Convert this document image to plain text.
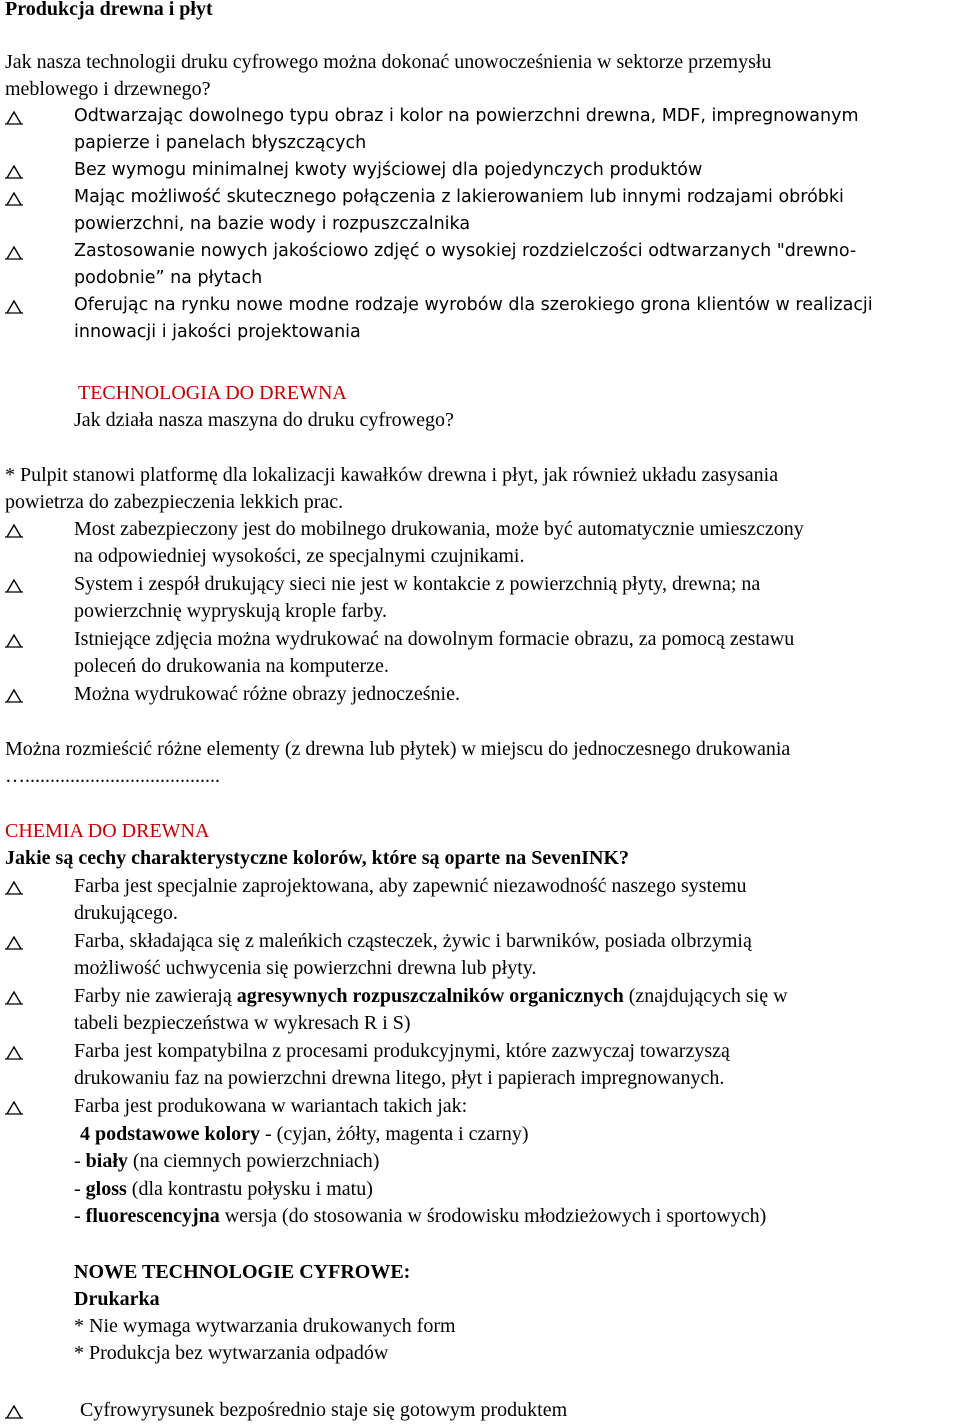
Produkcja drewna i płyt
Jak nasza technologii druku cyfrowego można dokonać unowocześnienia w sektorze przemysłu
meblowego i drzewnego?
Odtwarzając dowolnego typu obraz i kolor na powierzchni drewna, MDF, impregnowanym
papierze i panelach błyszczących
Bez wymogu minimalnej kwoty wyjściowej dla pojedynczych produktów
Mając możliwość skutecznego połączenia z lakierowaniem lub innymi rodzajami obróbki
powierzchni, na bazie wody i rozpuszczalnika
Zastosowanie nowych jakościowo zdjęć o wysokiej rozdzielczości odtwarzanych "drewno-
podobnie” na płytach
Oferując na rynku nowe modne rodzaje wyrobów dla szerokiego grona klientów w realizacji
innowacji i jakości projektowania
TECHNOLOGIA DO DREWNA
Jak działa nasza maszyna do druku cyfrowego?
* Pulpit stanowi platformę dla lokalizacji kawałków drewna i płyt, jak również układu zasysania
powietrza do zabezpieczenia lekkich prac.
Most zabezpieczony jest do mobilnego drukowania, może być automatycznie umieszczony
na odpowiedniej wysokości, ze specjalnymi czujnikami.
System i zespół drukujący sieci nie jest w kontakcie z powierzchnią płyty, drewna; na
powierzchnię wypryskują krople farby.
Istniejące zdjęcia można wydrukować na dowolnym formacie obrazu, za pomocą zestawu
poleceń do drukowania na komputerze.
Można wydrukować różne obrazy jednocześnie.
Można rozmieścić różne elementy (z drewna lub płytek) w miejscu do jednoczesnego drukowania
….......................................
CHEMIA DO DREWNA
Jakie są cechy charakterystyczne kolorów, które są oparte na SevenINK?
Farba jest specjalnie zaprojektowana, aby zapewnić niezawodność naszego systemu
drukującego.
Farba, składająca się z maleńkich cząsteczek, żywic i barwników, posiada olbrzymią
możliwość uchwycenia się powierzchni drewna lub płyty.
Farby nie zawierają agresywnych rozpuszczalników organicznych (znajdujących się w
tabeli bezpieczeństwa w wykresach R i S)
Farba jest kompatybilna z procesami produkcyjnymi, które zazwyczaj towarzyszą
drukowaniu faz na powierzchni drewna litego, płyt i papierach impregnowanych.
Farba jest produkowana w wariantach takich jak:
4 podstawowe kolory - (cyjan, żółty, magenta i czarny)
- biały (na ciemnych powierzchniach)
- gloss (dla kontrastu połysku i matu)
- fluorescencyjna wersja (do stosowania w środowisku młodzieżowych i sportowych)
NOWE TECHNOLOGIE CYFROWE:
Drukarka
* Nie wymaga wytwarzania drukowanych form
* Produkcja bez wytwarzania odpadów
Cyfrowyrysunek bezpośrednio staje się gotowym produktem
